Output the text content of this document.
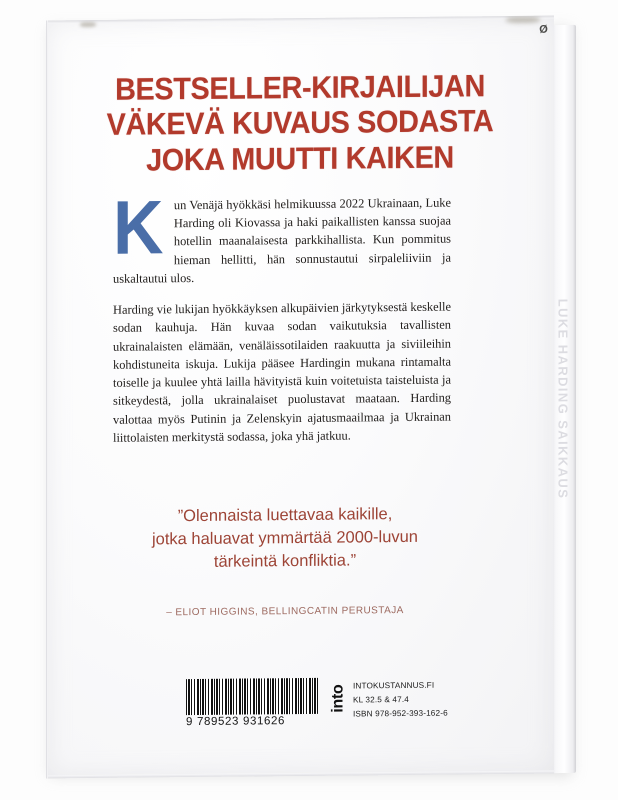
LUKE HARDING SAIKKAUS
Ø
BESTSELLER-KIRJAILIJAN
VÄKEVÄ KUVAUS SODASTA
JOKA MUUTTI KAIKEN

Kun Venäjä hyökkäsi helmikuussa 2022 Ukrainaan, Luke Harding oli Kiovassa ja haki paikallisten kanssa suojaa hotellin maanalaisesta parkkihallista. Kun pommitus hieman hellitti, hän sonnustautui sirpaleliiviin ja uskaltautui ulos.

Harding vie lukijan hyökkäyksen alkupäivien järkytyksestä keskelle sodan kauhuja. Hän kuvaa sodan vaikutuksia tavallisten ukrainalaisten elämään, venäläissotilaiden raakuutta ja siviileihin kohdistuneita iskuja. Lukija pääsee Hardingin mukana rintamalta toiselle ja kuulee yhtä lailla hävityistä kuin voitetuista taisteluista ja sitkeydestä, jolla ukrainalaiset puolustavat maataan. Harding valottaa myös Putinin ja Zelenskyin ajatusmaailmaa ja Ukrainan liittolaisten merkitystä sodassa, joka yhä jatkuu.

”Olennaista luettavaa kaikille,
jotka haluavat ymmärtää 2000-luvun
tärkeintä konfliktia.”
– ELIOT HIGGINS, BELLINGCATIN PERUSTAJA
9 789523 931626
into INTOKUSTANNUS.FI
KL 32.5 & 47.4
ISBN 978-952-393-162-6
